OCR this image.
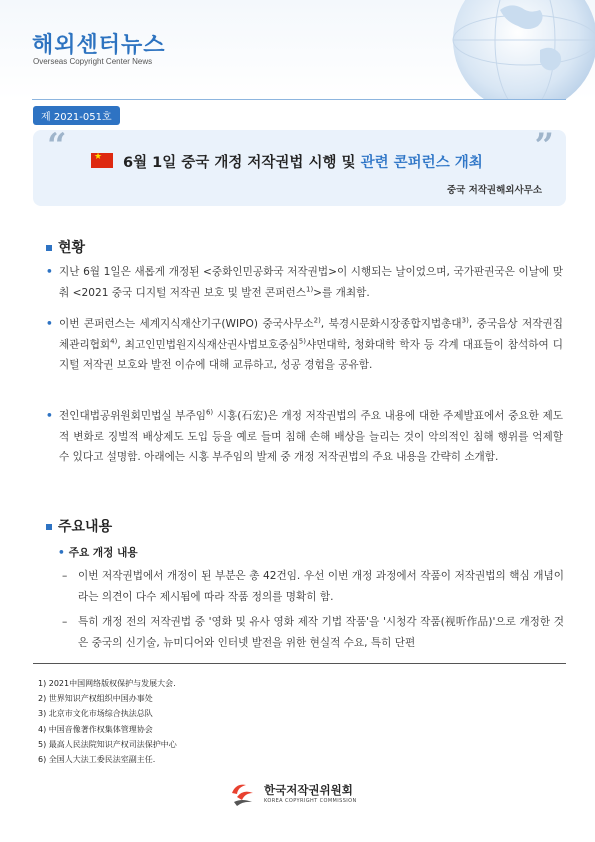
해외센터뉴스
Overseas Copyright Center News
제 2021-051호
“	”
★ 6월 1일 중국 개정 저작권법 시행 및 관련 콘퍼런스 개최
중국 저작권해외사무소
현황
• 지난 6월 1일은 새롭게 개정된 <중화인민공화국 저작권법>이 시행되는 날이었으며, 국가판권국은 이날에 맞춰 <2021 중국 디지털 저작권 보호 및 발전 콘퍼런스$^{1)}$>를 개최함.
• 이번 콘퍼런스는 세계지식재산기구(WIPO) 중국사무소$^{2)}$, 북경시문화시장종합지법총대$^{3)}$, 중국음상 저작권집체관리협회$^{4)}$, 최고인민법원지식재산권사법보호중심$^{5)}$샤먼대학, 청화대학 학자 등 각계 대표들이 참석하여 디지털 저작권 보호와 발전 이슈에 대해 교류하고, 성공 경험을 공유함.
• 전인대법공위원회민법실 부주임$^{6)}$ 시홍(石宏)은 개정 저작권법의 주요 내용에 대한 주제발표에서 중요한 제도적 변화로 징벌적 배상제도 도입 등을 예로 들며 침해 손해 배상을 늘리는 것이 악의적인 침해 행위를 억제할 수 있다고 설명함. 아래에는 시홍 부주임의 발제 중 개정 저작권법의 주요 내용을 간략히 소개함.
주요내용
• 주요 개정 내용
– 이번 저작권법에서 개정이 된 부분은 총 42건임. 우선 이번 개정 과정에서 작품이 저작권법의 핵심 개념이라는 의견이 다수 제시됨에 따라 작품 정의를 명확히 함.
– 특히 개정 전의 저작권법 중 '영화 및 유사 영화 제작 기법 작품'을 '시청각 작품(视听作品)'으로 개정한 것은 중국의 신기술, 뉴미디어와 인터넷 발전을 위한 현실적 수요, 특히 단편
1) 2021中国网络版权保护与发展大会.
2) 世界知识产权组织中国办事处
3) 北京市文化市场综合执法总队
4) 中国音像著作权集体管理协会
5) 最高人民法院知识产权司法保护中心
6) 全国人大法工委民法室副主任.
한국저작권위원회
KOREA COPYRIGHT COMMISSION
